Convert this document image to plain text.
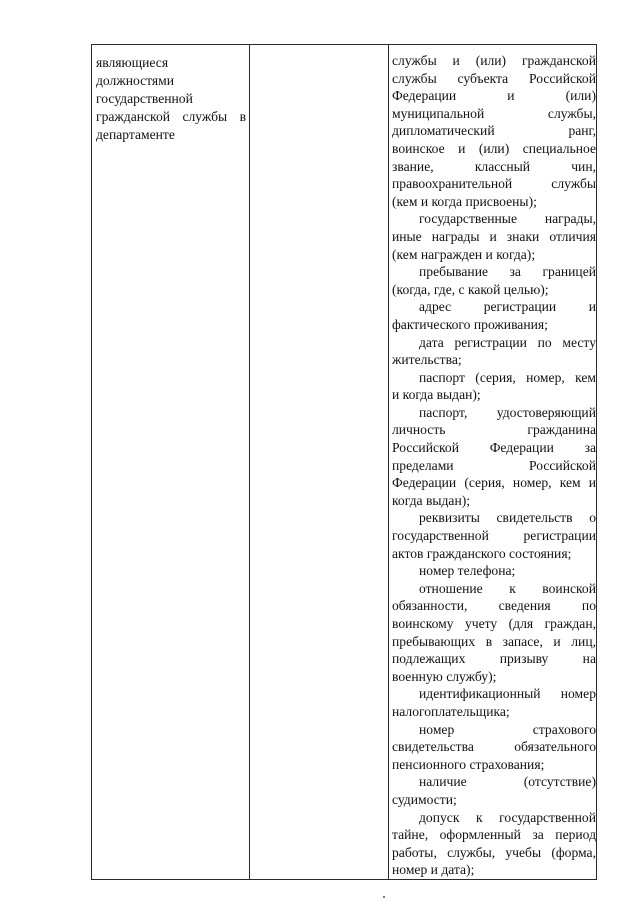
являющиеся
должностями
государственной
гражданской службы в
департаменте
службы и (или) гражданской
службы субъекта Российской
Федерации и (или)
муниципальной службы,
дипломатический ранг,
воинское и (или) специальное
звание, классный чин,
правоохранительной службы
(кем и когда присвоены);
государственные награды,
иные награды и знаки отличия
(кем награжден и когда);
пребывание за границей
(когда, где, с какой целью);
адрес регистрации и
фактического проживания;
дата регистрации по месту
жительства;
паспорт (серия, номер, кем
и когда выдан);
паспорт, удостоверяющий
личность гражданина
Российской Федерации за
пределами Российской
Федерации (серия, номер, кем и
когда выдан);
реквизиты свидетельств о
государственной регистрации
актов гражданского состояния;
номер телефона;
отношение к воинской
обязанности, сведения по
воинскому учету (для граждан,
пребывающих в запасе, и лиц,
подлежащих призыву на
военную службу);
идентификационный номер
налогоплательщика;
номер страхового
свидетельства обязательного
пенсионного страхования;
наличие (отсутствие)
судимости;
допуск к государственной
тайне, оформленный за период
работы, службы, учебы (форма,
номер и дата);
